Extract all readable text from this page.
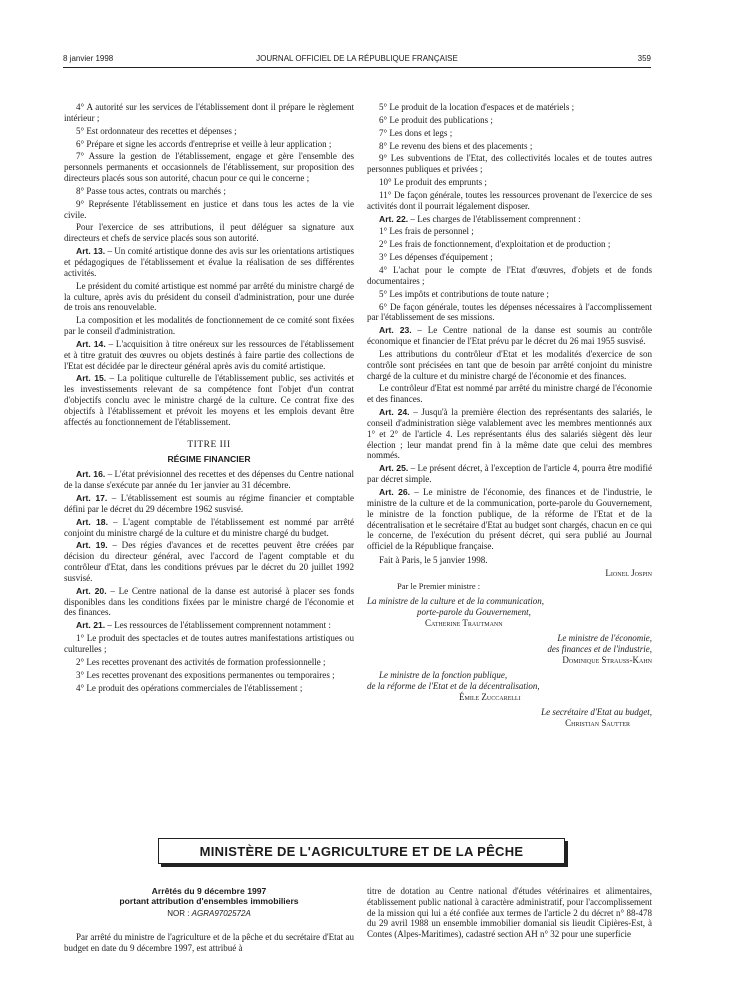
8 janvier 1998	JOURNAL OFFICIEL DE LA RÉPUBLIQUE FRANÇAISE	359

4° A autorité sur les services de l'établissement dont il prépare le règlement intérieur ;

5° Est ordonnateur des recettes et dépenses ;

6° Prépare et signe les accords d'entreprise et veille à leur application ;

7° Assure la gestion de l'établissement, engage et gère l'ensemble des personnels permanents et occasionnels de l'établissement, sur proposition des directeurs placés sous son autorité, chacun pour ce qui le concerne ;

8° Passe tous actes, contrats ou marchés ;

9° Représente l'établissement en justice et dans tous les actes de la vie civile.

Pour l'exercice de ses attributions, il peut déléguer sa signature aux directeurs et chefs de service placés sous son autorité.

Art. 13. – Un comité artistique donne des avis sur les orientations artistiques et pédagogiques de l'établissement et évalue la réalisation de ses différentes activités.

Le président du comité artistique est nommé par arrêté du ministre chargé de la culture, après avis du président du conseil d'administration, pour une durée de trois ans renouvelable.

La composition et les modalités de fonctionnement de ce comité sont fixées par le conseil d'administration.

Art. 14. – L'acquisition à titre onéreux sur les ressources de l'établissement et à titre gratuit des œuvres ou objets destinés à faire partie des collections de l'Etat est décidée par le directeur général après avis du comité artistique.

Art. 15. – La politique culturelle de l'établissement public, ses activités et les investissements relevant de sa compétence font l'objet d'un contrat d'objectifs conclu avec le ministre chargé de la culture. Ce contrat fixe des objectifs à l'établissement et prévoit les moyens et les emplois devant être affectés au fonctionnement de l'établissement.

TITRE III
RÉGIME FINANCIER

Art. 16. – L'état prévisionnel des recettes et des dépenses du Centre national de la danse s'exécute par année du 1er janvier au 31 décembre.

Art. 17. – L'établissement est soumis au régime financier et comptable défini par le décret du 29 décembre 1962 susvisé.

Art. 18. – L'agent comptable de l'établissement est nommé par arrêté conjoint du ministre chargé de la culture et du ministre chargé du budget.

Art. 19. – Des régies d'avances et de recettes peuvent être créées par décision du directeur général, avec l'accord de l'agent comptable et du contrôleur d'Etat, dans les conditions prévues par le décret du 20 juillet 1992 susvisé.

Art. 20. – Le Centre national de la danse est autorisé à placer ses fonds disponibles dans les conditions fixées par le ministre chargé de l'économie et des finances.

Art. 21. – Les ressources de l'établissement comprennent notamment :

1° Le produit des spectacles et de toutes autres manifestations artistiques ou culturelles ;

2° Les recettes provenant des activités de formation professionnelle ;

3° Les recettes provenant des expositions permanentes ou temporaires ;

4° Le produit des opérations commerciales de l'établissement ;

5° Le produit de la location d'espaces et de matériels ;

6° Le produit des publications ;

7° Les dons et legs ;

8° Le revenu des biens et des placements ;

9° Les subventions de l'Etat, des collectivités locales et de toutes autres personnes publiques et privées ;

10° Le produit des emprunts ;

11° De façon générale, toutes les ressources provenant de l'exercice de ses activités dont il pourrait légalement disposer.

Art. 22. – Les charges de l'établissement comprennent :

1° Les frais de personnel ;

2° Les frais de fonctionnement, d'exploitation et de production ;

3° Les dépenses d'équipement ;

4° L'achat pour le compte de l'Etat d'œuvres, d'objets et de fonds documentaires ;

5° Les impôts et contributions de toute nature ;

6° De façon générale, toutes les dépenses nécessaires à l'accomplissement par l'établissement de ses missions.

Art. 23. – Le Centre national de la danse est soumis au contrôle économique et financier de l'Etat prévu par le décret du 26 mai 1955 susvisé.

Les attributions du contrôleur d'Etat et les modalités d'exercice de son contrôle sont précisées en tant que de besoin par arrêté conjoint du ministre chargé de la culture et du ministre chargé de l'économie et des finances.

Le contrôleur d'Etat est nommé par arrêté du ministre chargé de l'économie et des finances.

Art. 24. – Jusqu'à la première élection des représentants des salariés, le conseil d'administration siège valablement avec les membres mentionnés aux 1° et 2° de l'article 4. Les représentants élus des salariés siègent dès leur élection ; leur mandat prend fin à la même date que celui des membres nommés.

Art. 25. – Le présent décret, à l'exception de l'article 4, pourra être modifié par décret simple.

Art. 26. – Le ministre de l'économie, des finances et de l'industrie, le ministre de la culture et de la communication, porte-parole du Gouvernement, le ministre de la fonction publique, de la réforme de l'Etat et de la décentralisation et le secrétaire d'Etat au budget sont chargés, chacun en ce qui le concerne, de l'exécution du présent décret, qui sera publié au Journal officiel de la République française.

Fait à Paris, le 5 janvier 1998.

Lionel Jospin
Par le Premier ministre :
La ministre de la culture et de la communication,
porte-parole du Gouvernement,
Catherine Trautmann
Le ministre de l'économie,
des finances et de l'industrie,
Dominique Strauss-Kahn
Le ministre de la fonction publique,
de la réforme de l'Etat et de la décentralisation,
Émile Zuccarelli
Le secrétaire d'Etat au budget,
Christian Sautter
MINISTÈRE DE L'AGRICULTURE ET DE LA PÊCHE
Arrêtés du 9 décembre 1997
portant attribution d'ensembles immobiliers
NOR : AGRA9702572A
Par arrêté du ministre de l'agriculture et de la pêche et du secrétaire d'Etat au budget en date du 9 décembre 1997, est attribué à
titre de dotation au Centre national d'études vétérinaires et alimentaires, établissement public national à caractère administratif, pour l'accomplissement de la mission qui lui a été confiée aux termes de l'article 2 du décret n° 88-478 du 29 avril 1988 un ensemble immobilier domanial sis lieudit Cipières-Est, à Contes (Alpes-Maritimes), cadastré section AH n° 32 pour une superficie
